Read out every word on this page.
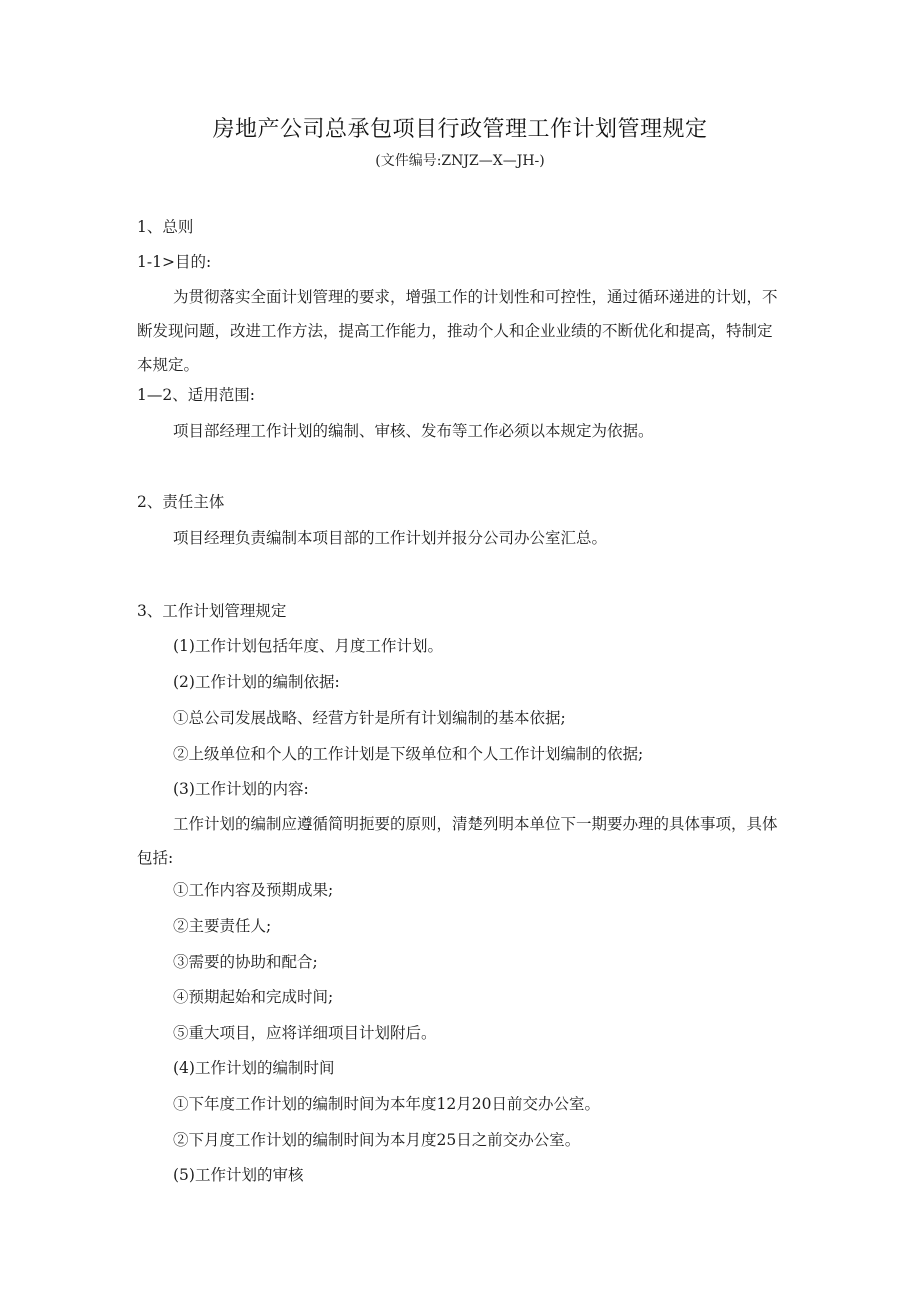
房地产公司总承包项目行政管理工作计划管理规定
(文件编号:ZNJZ—X—JH-)
1、总则
1-1>目的:
为贯彻落实全面计划管理的要求，增强工作的计划性和可控性，通过循环递进的计划，不断发现问题，改进工作方法，提高工作能力，推动个人和企业业绩的不断优化和提高，特制定本规定。
1—2、适用范围:
项目部经理工作计划的编制、审核、发布等工作必须以本规定为依据。
2、责任主体
项目经理负责编制本项目部的工作计划并报分公司办公室汇总。
3、工作计划管理规定
(1)工作计划包括年度、月度工作计划。
(2)工作计划的编制依据:
①总公司发展战略、经营方针是所有计划编制的基本依据;
②上级单位和个人的工作计划是下级单位和个人工作计划编制的依据;
(3)工作计划的内容:
工作计划的编制应遵循简明扼要的原则，清楚列明本单位下一期要办理的具体事项，具体包括:
①工作内容及预期成果;
②主要责任人;
③需要的协助和配合;
④预期起始和完成时间;
⑤重大项目，应将详细项目计划附后。
(4)工作计划的编制时间
①下年度工作计划的编制时间为本年度12月20日前交办公室。
②下月度工作计划的编制时间为本月度25日之前交办公室。
(5)工作计划的审核
